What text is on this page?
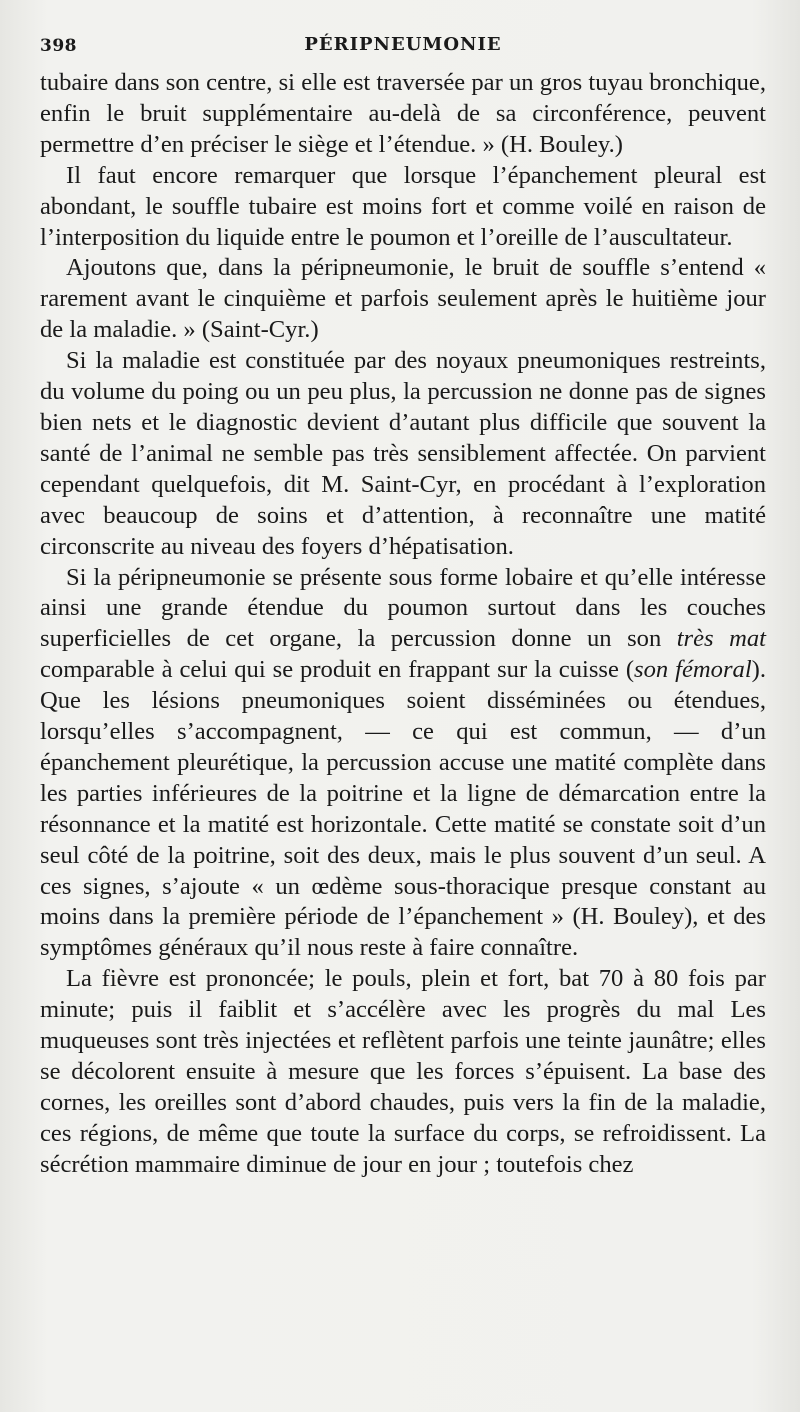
398	PÉRIPNEUMONIE

tubaire dans son centre, si elle est traversée par un gros tuyau bronchique, enfin le bruit supplémentaire au-delà de sa circonférence, peuvent permettre d’en préciser le siège et l’étendue. » (H. Bouley.)

Il faut encore remarquer que lorsque l’épanchement pleural est abondant, le souffle tubaire est moins fort et comme voilé en raison de l’interposition du liquide entre le poumon et l’oreille de l’auscultateur.

Ajoutons que, dans la péripneumonie, le bruit de souffle s’entend « rarement avant le cinquième et parfois seulement après le huitième jour de la maladie. » (Saint-Cyr.)

Si la maladie est constituée par des noyaux pneumoniques restreints, du volume du poing ou un peu plus, la percussion ne donne pas de signes bien nets et le diagnostic devient d’autant plus difficile que souvent la santé de l’animal ne semble pas très sensiblement affectée. On parvient cependant quelquefois, dit M. Saint-Cyr, en procédant à l’exploration avec beaucoup de soins et d’attention, à reconnaître une matité circonscrite au niveau des foyers d’hépatisation.

Si la péripneumonie se présente sous forme lobaire et qu’elle intéresse ainsi une grande étendue du poumon surtout dans les couches superficielles de cet organe, la percussion donne un son très mat comparable à celui qui se produit en frappant sur la cuisse (son fémoral). Que les lésions pneumoniques soient disséminées ou étendues, lorsqu’elles s’accompagnent, — ce qui est commun, — d’un épanchement pleurétique, la percussion accuse une matité complète dans les parties inférieures de la poitrine et la ligne de démarcation entre la résonnance et la matité est horizontale. Cette matité se constate soit d’un seul côté de la poitrine, soit des deux, mais le plus souvent d’un seul. A ces signes, s’ajoute « un œdème sous-thoracique presque constant au moins dans la première période de l’épanchement » (H. Bouley), et des symptômes généraux qu’il nous reste à faire connaître.

La fièvre est prononcée; le pouls, plein et fort, bat 70 à 80 fois par minute; puis il faiblit et s’accélère avec les progrès du mal Les muqueuses sont très injectées et reflètent parfois une teinte jaunâtre; elles se décolorent ensuite à mesure que les forces s’épuisent. La base des cornes, les oreilles sont d’abord chaudes, puis vers la fin de la maladie, ces régions, de même que toute la surface du corps, se refroidissent. La sécrétion mammaire diminue de jour en jour ; toutefois chez
